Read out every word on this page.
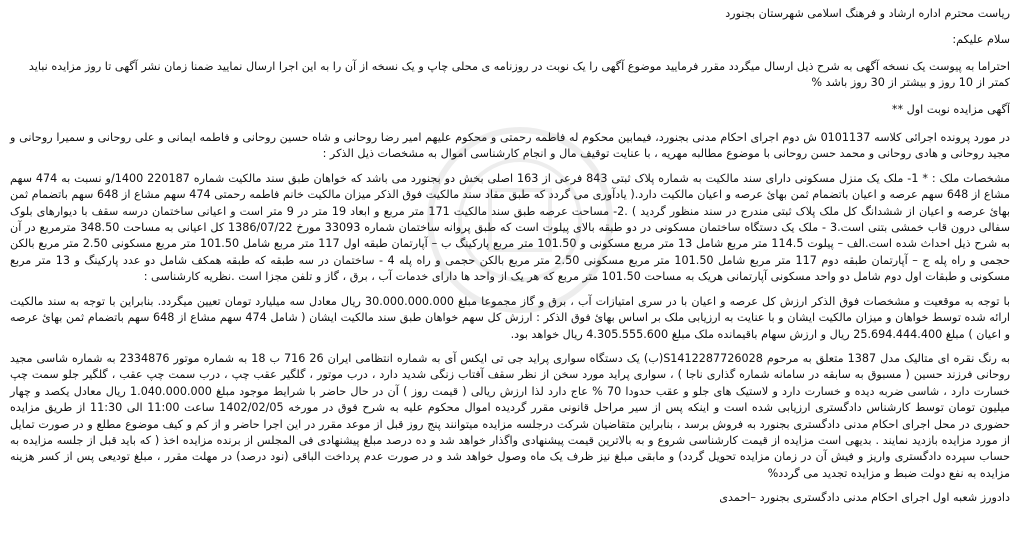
ریاست محترم اداره ارشاد و فرهنگ اسلامی شهرستان بجنورد

سلام علیکم:

احتراما به پیوست یک نسخه آگهی به شرح ذیل ارسال میگردد مقرر فرمایید موضوع آگهی را یک نوبت در روزنامه ی محلی چاپ و یک نسخه از آن را به این اجرا ارسال نمایید ضمنا زمان نشر آگهی تا روز مزایده نباید

کمتر از 10 روز و بیشتر از 30 روز باشد %

آگهی مزایده نوبت اول **

در مورد پرونده اجرائی کلاسه 0101137 ش دوم اجرای احکام مدنی بجنورد، فیمابین محکوم له فاطمه رحمتی و محکوم علیهم امیر رضا روحانی و شاه حسین روحانی و فاطمه ایمانی و علی روحانی و سمیرا روحانی و مجید روحانی و هادی روحانی و محمد حسن روحانی با موضوع مطالبه مهریه ، با عنایت توقیف مال و انجام کارشناسی اموال به مشخصات ذیل الذکر :

مشخصات ملک : * 1- ملک یک منزل مسکونی دارای سند مالکیت به شماره پلاک ثبتی 843 فرعی از 163 اصلی بخش دو بجنورد می باشد که خواهان طبق سند مالکیت شماره 220187 1400/و نسبت به 474 سهم مشاع از 648 سهم عرصه و اعیان باتضمام ثمن بهائ عرصه و اعیان مالکیت دارد.( یادآوری می گردد که طبق مفاد سند مالکیت فوق الذکر میزان مالکیت خانم فاطمه رحمتی 474 سهم مشاع از 648 سهم باتضمام ثمن بهائ عرصه و اعیان از ششدانگ کل ملک پلاک ثبتی مندرج در سند منظور گردید ) .2- مساحت عرصه طبق سند مالکیت 171 متر مربع و ابعاد 19 متر در 9 متر است و اعیانی ساختمان درسه سقف با دیوارهای بلوک سفالی درون قاب خمشی بتنی است.3 - ملک یک دستگاه ساختمان مسکونی در دو طبقه بالای پیلوت است که طبق پروانه ساختمان شماره 33093 مورخ 1386/07/22 کل اعیانی به مساحت 348.50 مترمربع در آن به شرح ذیل احداث شده است.الف – پیلوت 114.5 متر مربع شامل 13 متر مربع مسکونی و 101.50 متر مربع پارکینگ ب – آپارتمان طبقه اول 117 متر مربع شامل 101.50 متر مربع مسکونی 2.50 متر مربع بالکن حجمی و راه پله ج – آپارتمان طبقه دوم 117 متر مربع شامل 101.50 متر مربع مسکونی 2.50 متر مربع بالکن حجمی و راه پله 4 - ساختمان در سه طبقه که طبقه همکف شامل دو عدد پارکینگ و 13 متر مربع مسکونی و طبقات اول دوم شامل دو واحد مسکونی آپارتمانی هریک به مساحت 101.50 متر مربع که هر یک از واحد ها دارای خدمات آب ، برق ، گاز و تلفن مجزا است .نظریه کارشناسی :

با توجه به موقعیت و مشخصات فوق الذکر ارزش کل عرصه و اعیان با در سری امتیازات آب ، برق و گاز مجموعا مبلغ 30.000.000.000 ریال معادل سه میلیارد تومان تعیین میگردد. بنابراین با توجه به سند مالکیت ارائه شده توسط خواهان و میزان مالکیت ایشان و با عنایت به ارزیابی ملک بر اساس بهائ فوق الذکر : ارزش کل سهم خواهان طبق سند مالکیت ایشان ( شامل 474 سهم مشاع از 648 سهم باتضمام ثمن بهائ عرصه و اعیان ) مبلغ 25.694.444.400 ریال و ارزش سهام باقیمانده ملک مبلغ 4.305.555.600 ریال خواهد بود.

به رنگ نقره ای متالیک مدل 1387 متعلق به مرحوم S1412287726028(ب) یک دستگاه سواری پراید جی تی ایکس آی به شماره انتظامی ایران 26 716 ب 18 به شماره موتور 2334876 به شماره شاسی مجید روحانی فرزند حسین ( مسبوق به سابقه در سامانه شماره گذاری ناجا ) ، سواری پراید مورد سخن از نظر سقف آفتاب زنگی شدید دارد ، درب موتور ، گلگیر عقب چپ ، درب سمت چپ عقب ، گلگیر جلو سمت چپ خسارت دارد ، شاسی ضربه دیده و خسارت دارد و لاستیک های جلو و عقب حدودا 70 % عاج دارد لذا ارزش ریالی ( قیمت روز ) آن در حال حاضر با شرایط موجود مبلغ 1.040.000.000 ریال معادل یکصد و چهار میلیون تومان توسط کارشناس دادگستری ارزیابی شده است و اینکه پس از سیر مراحل قانونی مقرر گردیده اموال محکوم علیه به شرح فوق در مورخه 1402/02/05 ساعت 11:00 الی 11:30 از طریق مزایده حضوری در محل اجرای احکام مدنی دادگستری بجنورد به فروش برسد ، بنابراین متقاضیان شرکت درجلسه مزایده میتوانند پنج روز قبل از موعد مقرر در این اجرا حاضر و از کم و کیف موضوع مطلع و در صورت تمایل از مورد مزایده بازدید نمایند . بدیهی است مزایده از قیمت کارشناسی شروع و به بالاترین قیمت پیشنهادی واگذار خواهد شد و ده درصد مبلغ پیشنهادی فی المجلس از برنده مزایده اخذ ( که باید قبل از جلسه مزایده به حساب سپرده دادگستری واریز و فیش آن در زمان مزایده تحویل گردد) و مابقی مبلغ نیز ظرف یک ماه وصول خواهد شد و در صورت عدم پرداخت الباقی (نود درصد) در مهلت مقرر ، مبلغ تودیعی پس از کسر هزینه مزایده به نفع دولت ضبط و مزایده تجدید می گردد%

دادورز شعبه اول اجرای احکام مدنی دادگستری بجنورد –احمدی
